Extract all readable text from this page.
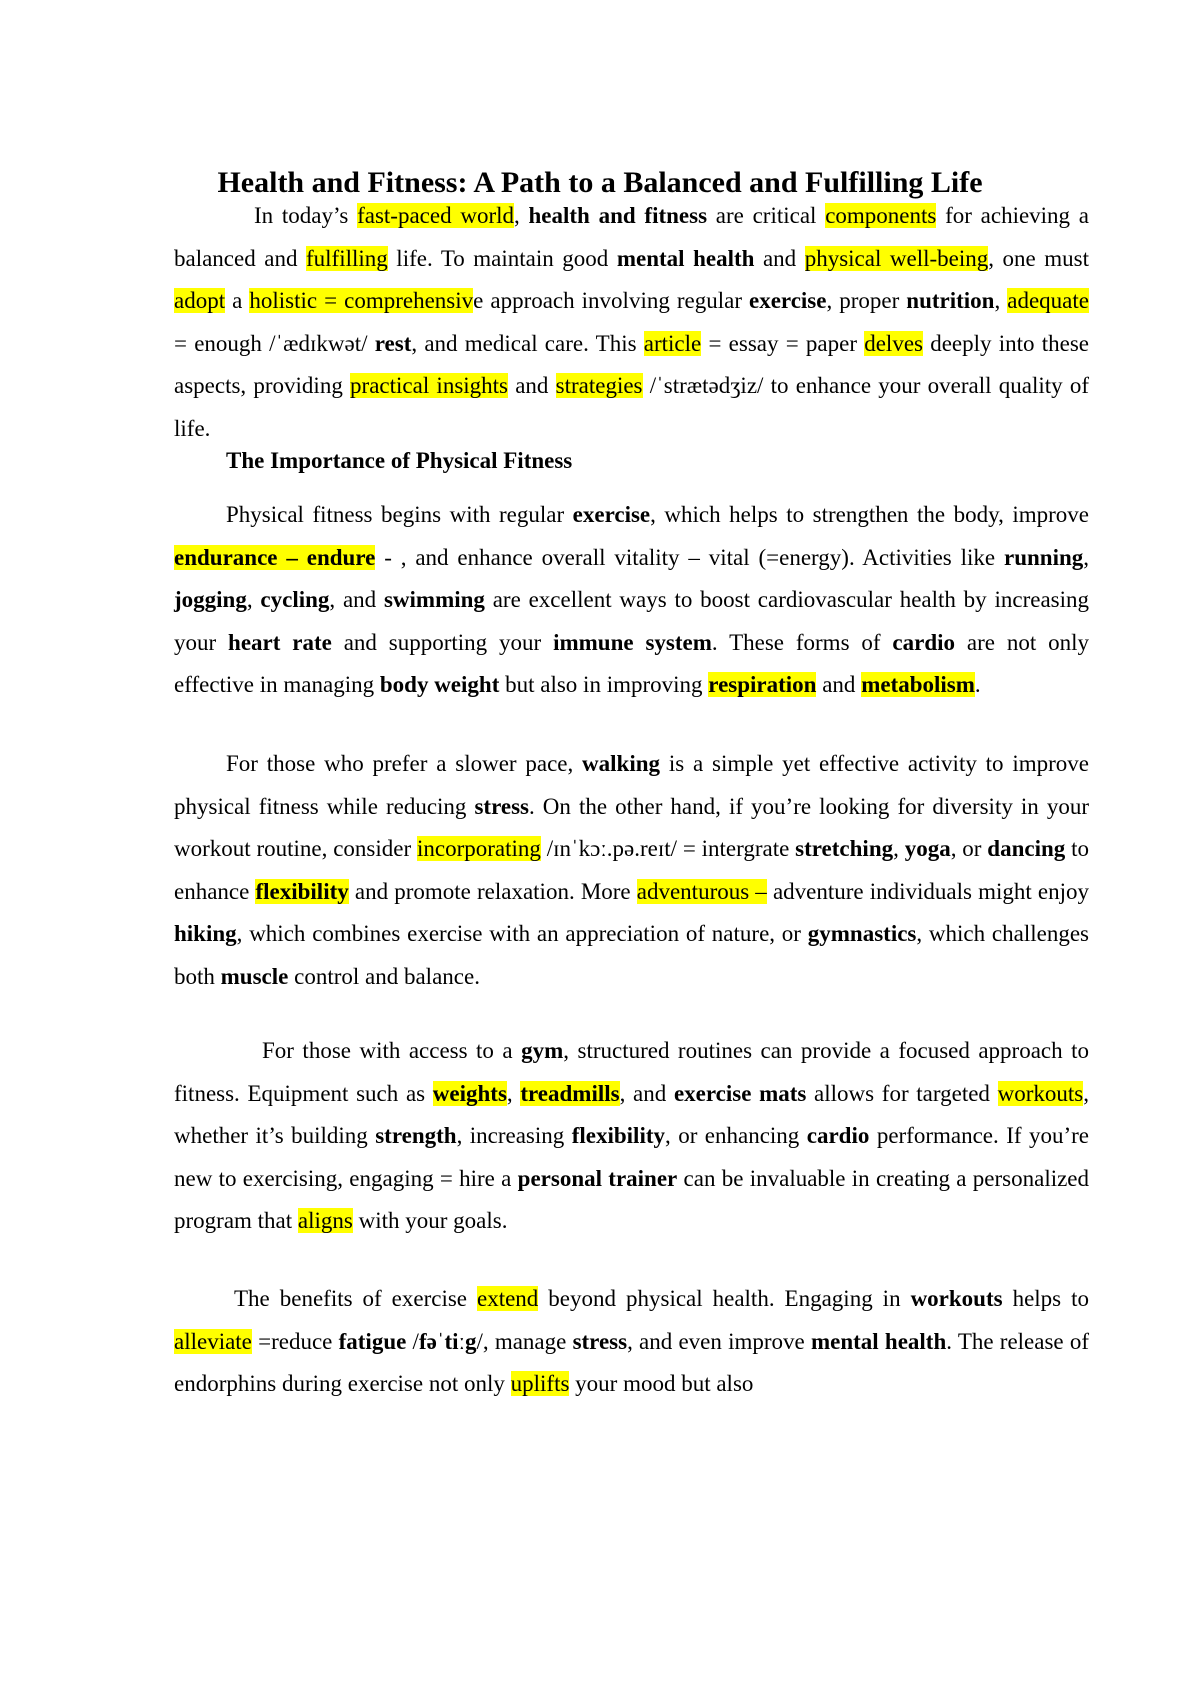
Health and Fitness: A Path to a Balanced and Fulfilling Life

In today’s fast-paced world, health and fitness are critical components for achieving a balanced and fulfilling life. To maintain good mental health and physical well-being, one must adopt a holistic = comprehensive approach involving regular exercise, proper nutrition, adequate = enough /ˈædɪkwət/ rest, and medical care. This article = essay = paper delves deeply into these aspects, providing practical insights and strategies /ˈstrætədʒiz/ to enhance your overall quality of life.

The Importance of Physical Fitness

Physical fitness begins with regular exercise, which helps to strengthen the body, improve endurance – endure - , and enhance overall vitality – vital (=energy). Activities like running, jogging, cycling, and swimming are excellent ways to boost cardiovascular health by increasing your heart rate and supporting your immune system. These forms of cardio are not only effective in managing body weight but also in improving respiration and metabolism.

For those who prefer a slower pace, walking is a simple yet effective activity to improve physical fitness while reducing stress. On the other hand, if you’re looking for diversity in your workout routine, consider incorporating /ɪnˈkɔː.pə.reɪt/ = intergrate stretching, yoga, or dancing to enhance flexibility and promote relaxation. More adventurous – adventure individuals might enjoy hiking, which combines exercise with an appreciation of nature, or gymnastics, which challenges both muscle control and balance.

For those with access to a gym, structured routines can provide a focused approach to fitness. Equipment such as weights, treadmills, and exercise mats allows for targeted workouts, whether it’s building strength, increasing flexibility, or enhancing cardio performance. If you’re new to exercising, engaging = hire a personal trainer can be invaluable in creating a personalized program that aligns with your goals.

The benefits of exercise extend beyond physical health. Engaging in workouts helps to alleviate =reduce fatigue /fəˈtiːg/, manage stress, and even improve mental health. The release of endorphins during exercise not only uplifts your mood but also
